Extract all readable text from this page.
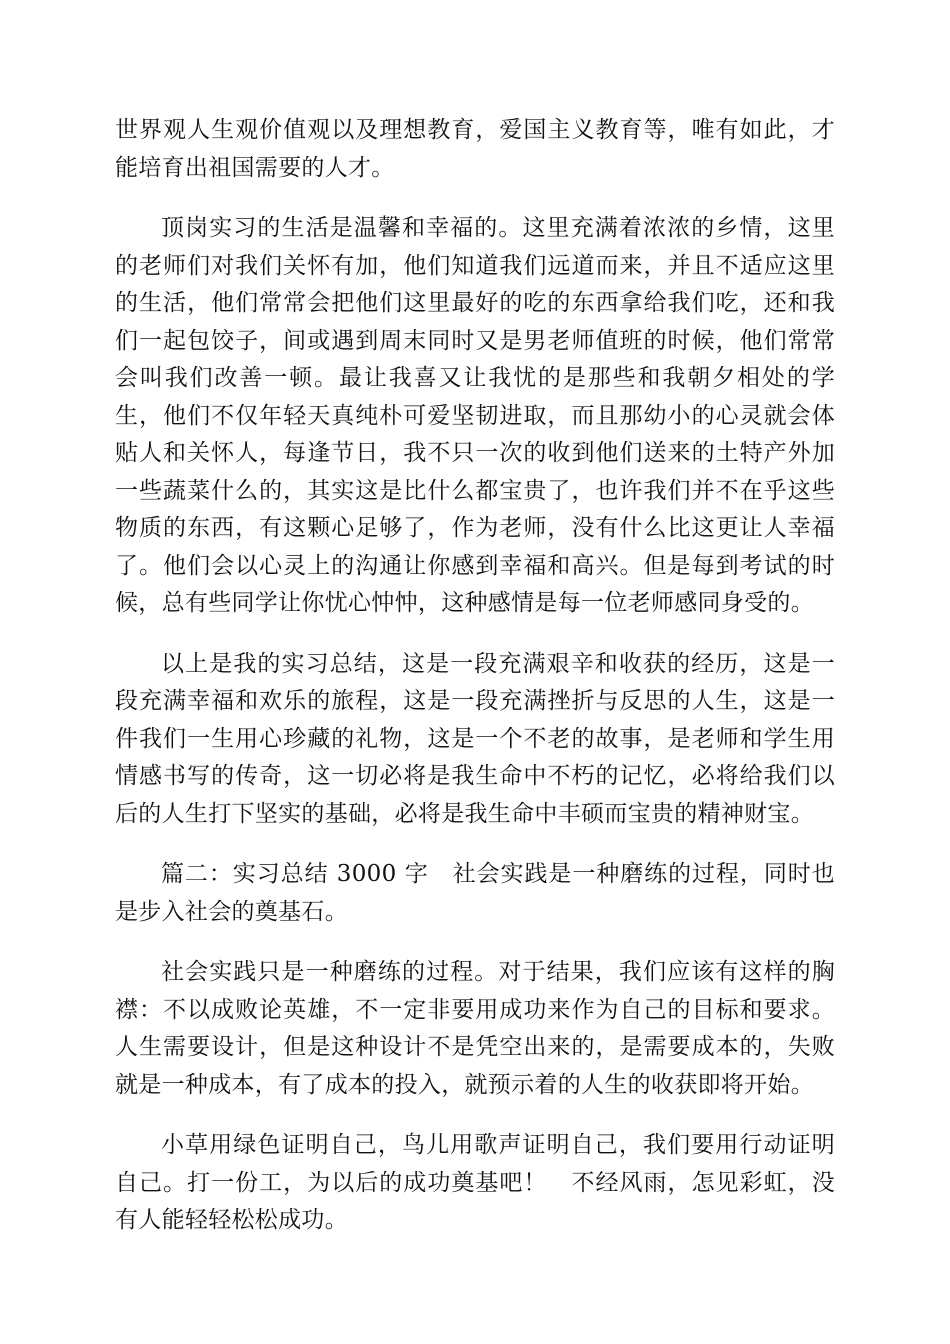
世界观人生观价值观以及理想教育，爱国主义教育等，唯有如此，才能培育出祖国需要的人才。

顶岗实习的生活是温馨和幸福的。这里充满着浓浓的乡情，这里的老师们对我们关怀有加，他们知道我们远道而来，并且不适应这里的生活，他们常常会把他们这里最好的吃的东西拿给我们吃，还和我们一起包饺子，间或遇到周末同时又是男老师值班的时候，他们常常会叫我们改善一顿。最让我喜又让我忧的是那些和我朝夕相处的学生，他们不仅年轻天真纯朴可爱坚韧进取，而且那幼小的心灵就会体贴人和关怀人，每逢节日，我不只一次的收到他们送来的土特产外加一些蔬菜什么的，其实这是比什么都宝贵了，也许我们并不在乎这些物质的东西，有这颗心足够了，作为老师，没有什么比这更让人幸福了。他们会以心灵上的沟通让你感到幸福和高兴。但是每到考试的时候，总有些同学让你忧心忡忡，这种感情是每一位老师感同身受的。

以上是我的实习总结，这是一段充满艰辛和收获的经历，这是一段充满幸福和欢乐的旅程，这是一段充满挫折与反思的人生，这是一件我们一生用心珍藏的礼物，这是一个不老的故事，是老师和学生用情感书写的传奇，这一切必将是我生命中不朽的记忆，必将给我们以后的人生打下坚实的基础，必将是我生命中丰硕而宝贵的精神财宝。

篇二：实习总结 3000 字　社会实践是一种磨练的过程，同时也是步入社会的奠基石。

社会实践只是一种磨练的过程。对于结果，我们应该有这样的胸襟：不以成败论英雄，不一定非要用成功来作为自己的目标和要求。人生需要设计，但是这种设计不是凭空出来的，是需要成本的，失败就是一种成本，有了成本的投入，就预示着的人生的收获即将开始。

小草用绿色证明自己，鸟儿用歌声证明自己，我们要用行动证明自己。打一份工，为以后的成功奠基吧！　不经风雨，怎见彩虹，没有人能轻轻松松成功。
